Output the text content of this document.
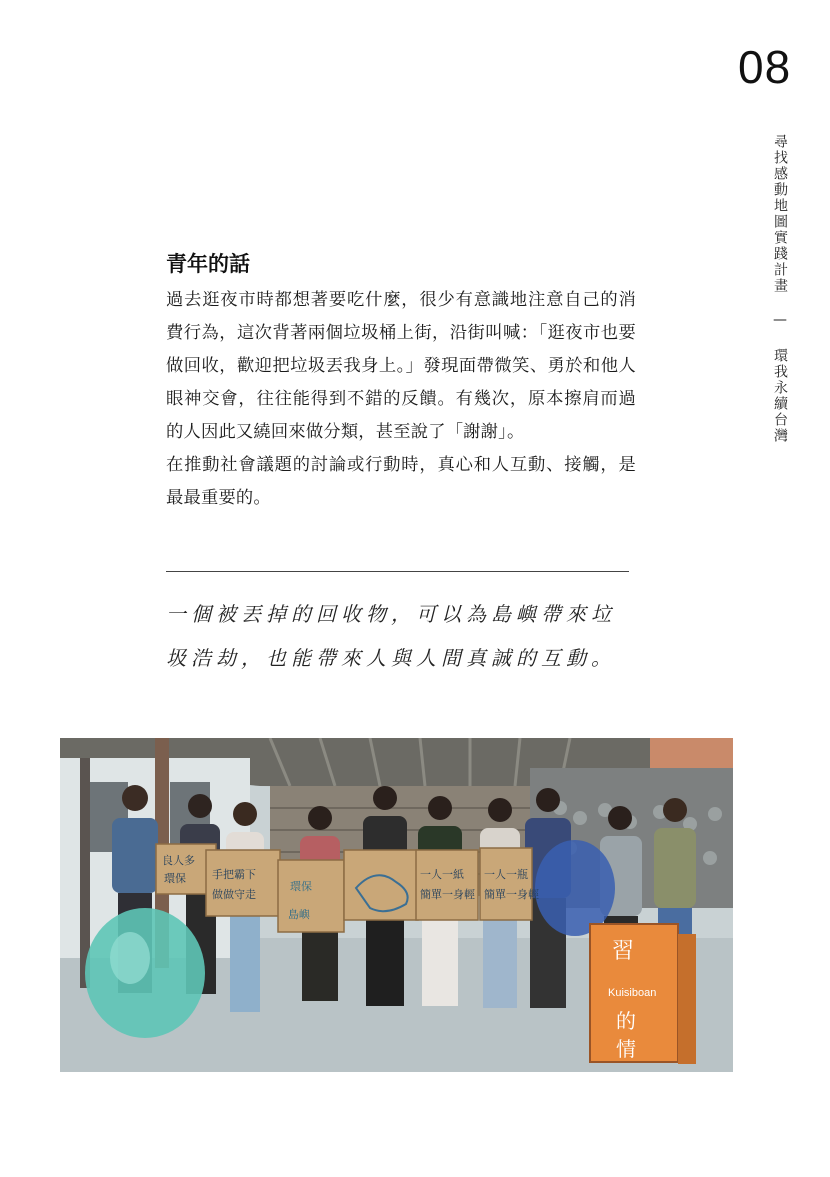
08
尋找感動地圖實踐計畫 — 環我永續台灣
青年的話

過去逛夜市時都想著要吃什麼，很少有意識地注意自己的消費行為，這次背著兩個垃圾桶上街，沿街叫喊：「逛夜市也要做回收，歡迎把垃圾丟我身上。」發現面帶微笑、勇於和他人眼神交會，往往能得到不錯的反饋。有幾次，原本擦肩而過的人因此又繞回來做分類，甚至說了「謝謝」。

在推動社會議題的討論或行動時，真心和人互動、接觸，是最最重要的。

一個被丟掉的回收物，可以為島嶼帶來垃
圾浩劫，也能帶來人與人間真誠的互動。
良人多
環保 手把霸下
做做守走
環保
島嶼
一人一瓶
簡單一身輕
一人一紙
簡單一身輕
習
Kuisiboan
的
情
